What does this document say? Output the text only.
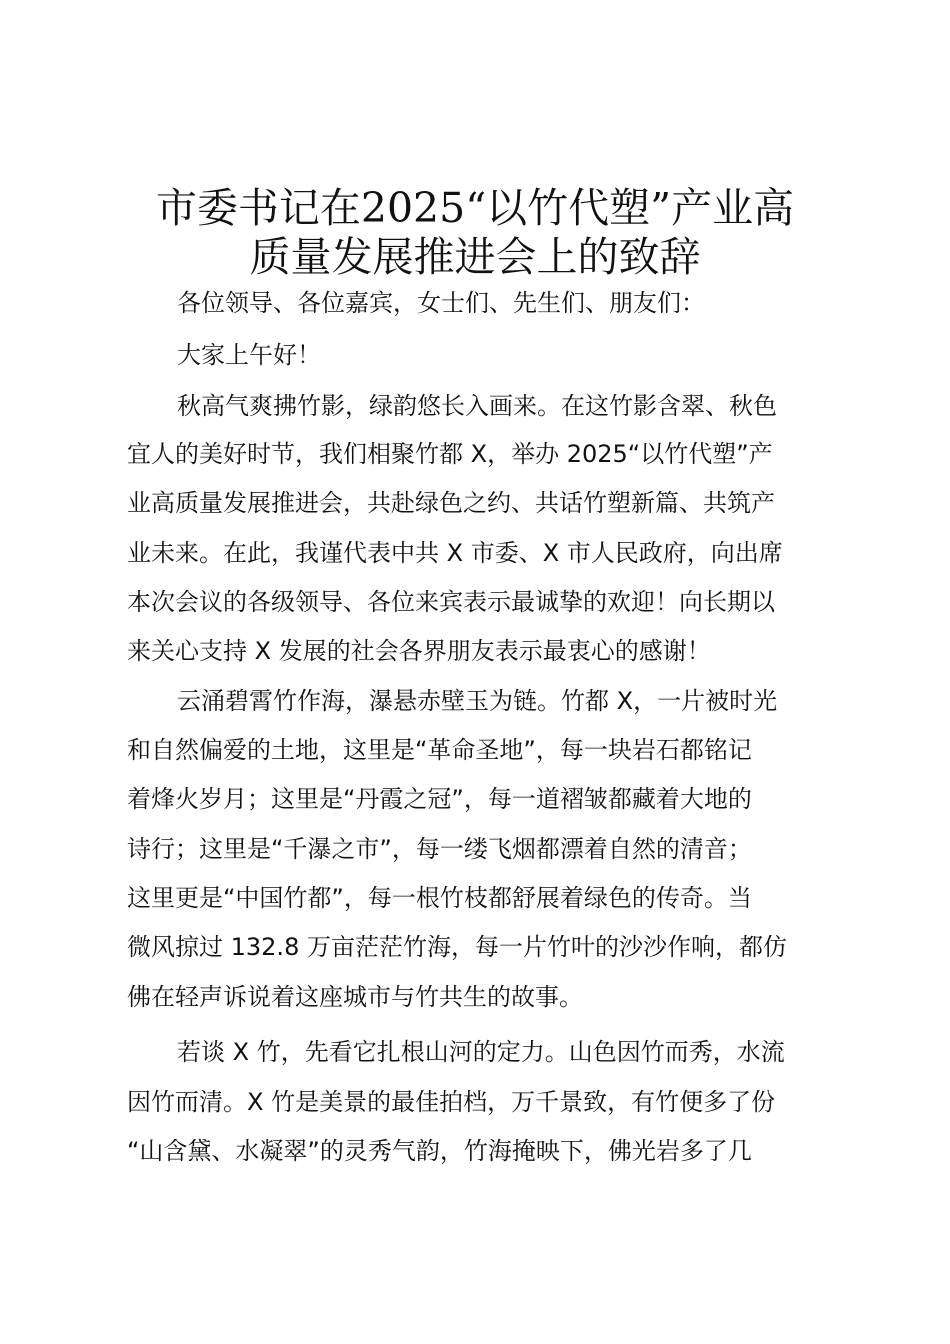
市委书记在2025“以竹代塑”产业高
质量发展推进会上的致辞
各位领导、各位嘉宾，女士们、先生们、朋友们：
大家上午好！
秋高气爽拂竹影，绿韵悠长入画来。在这竹影含翠、秋色
宜人的美好时节，我们相聚竹都 X，举办 2025“以竹代塑”产
业高质量发展推进会，共赴绿色之约、共话竹塑新篇、共筑产
业未来。在此，我谨代表中共 X 市委、X 市人民政府，向出席
本次会议的各级领导、各位来宾表示最诚挚的欢迎！向长期以
来关心支持 X 发展的社会各界朋友表示最衷心的感谢！
云涌碧霄竹作海，瀑悬赤壁玉为链。竹都 X，一片被时光
和自然偏爱的土地，这里是“革命圣地”，每一块岩石都铭记
着烽火岁月；这里是“丹霞之冠”，每一道褶皱都藏着大地的
诗行；这里是“千瀑之市”，每一缕飞烟都漂着自然的清音；
这里更是“中国竹都”，每一根竹枝都舒展着绿色的传奇。当
微风掠过 132.8 万亩茫茫竹海，每一片竹叶的沙沙作响，都仿
佛在轻声诉说着这座城市与竹共生的故事。
若谈 X 竹，先看它扎根山河的定力。山色因竹而秀，水流
因竹而清。X 竹是美景的最佳拍档，万千景致，有竹便多了份
“山含黛、水凝翠”的灵秀气韵，竹海掩映下，佛光岩多了几
